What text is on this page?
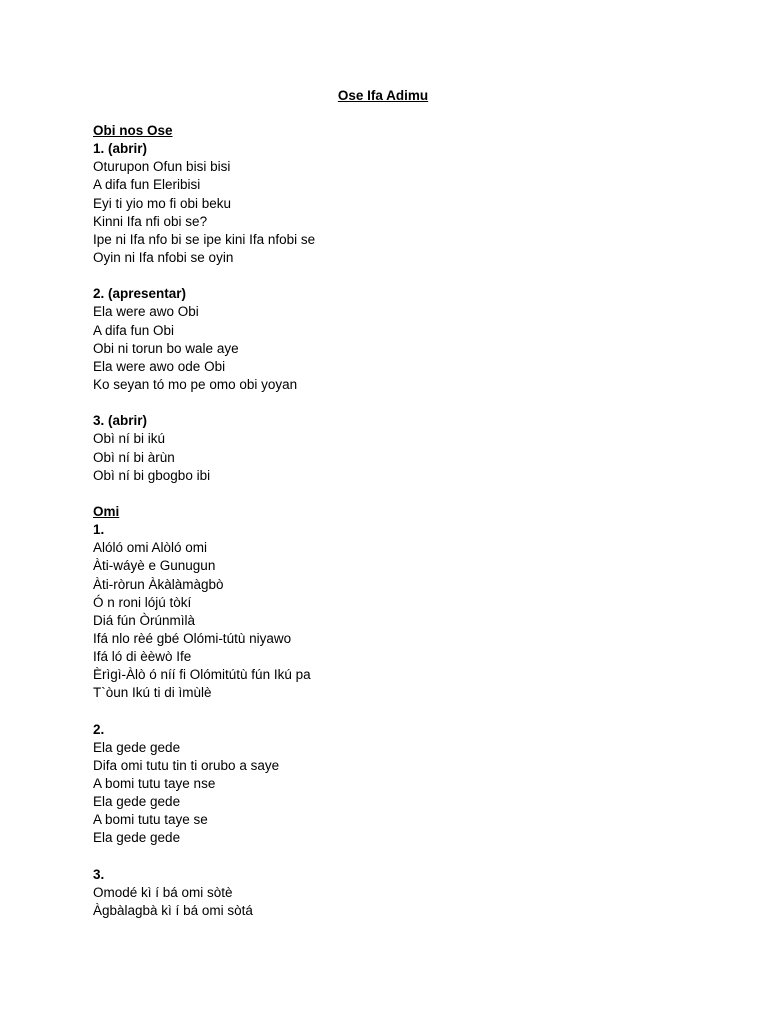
Ose Ifa Adimu

Obi nos Ose

1. (abrir)

Oturupon Ofun bisi bisi

A difa fun Eleribisi

Eyi ti yio mo fi obi beku

Kinni Ifa nfi obi se?

Ipe ni Ifa nfo bi se ipe kini Ifa nfobi se

Oyin ni Ifa nfobi se oyin

2. (apresentar)

Ela were awo Obi

A difa fun Obi

Obi ni torun bo wale aye

Ela were awo ode Obi

Ko seyan tó mo pe omo obi yoyan

3. (abrir)

Obì ní bi ikú

Obì ní bi àrùn

Obì ní bi gbogbo ibi

Omi

1.

Alóló omi Alòló omi

Àti-wáyè e Gunugun

Àti-ròrun Àkàlàmàgbò

Ó n roni lójú tòkí

Diá fún Òrúnmìlà

Ifá nlo rèé gbé Olómi-tútù niyawo

Ifá ló di èèwò Ife

Èrìgì-Àlò ó níí fi Olómitútù fún Ikú pa

T`òun Ikú ti di ìmùlè

2.

Ela gede gede

Difa omi tutu tin ti orubo a saye

A bomi tutu taye nse

Ela gede gede

A bomi tutu taye se

Ela gede gede

3.

Omodé kì í bá omi sòtè

Àgbàlagbà kì í bá omi sòtá
